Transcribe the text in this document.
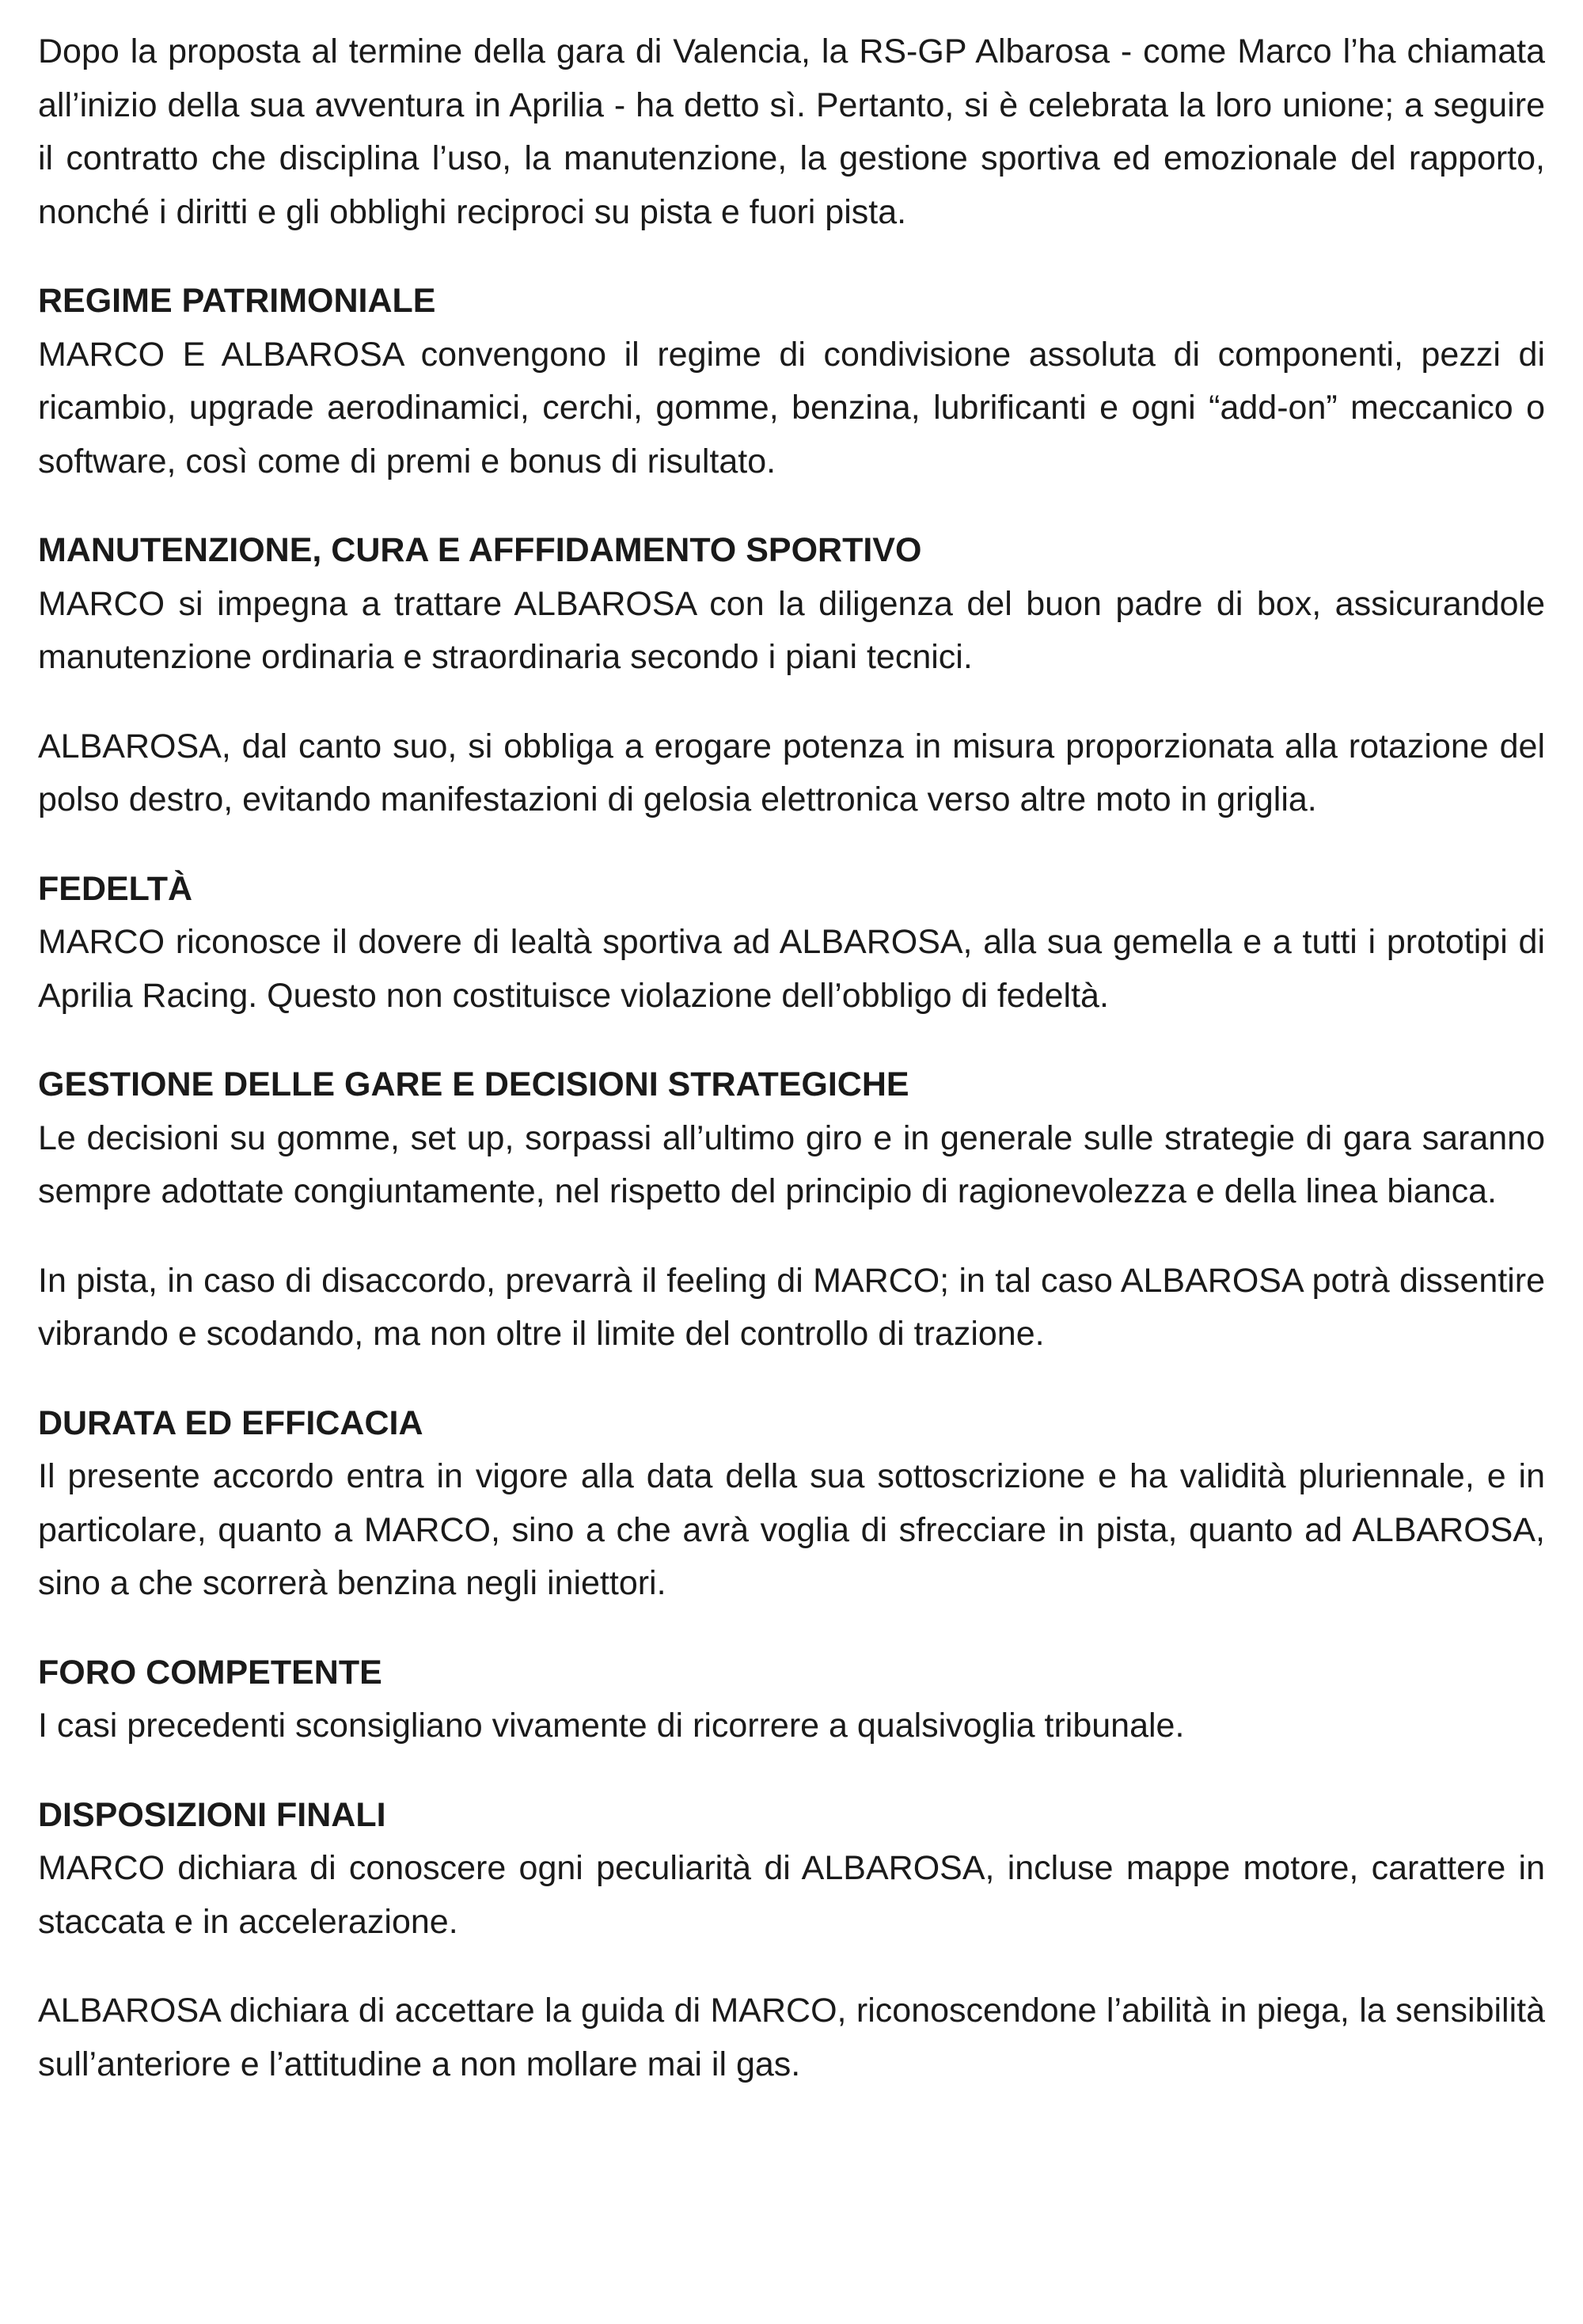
Dopo la proposta al termine della gara di Valencia, la RS-GP Albarosa - come Marco l’ha chiamata all’inizio della sua avventura in Aprilia - ha detto sì. Pertanto, si è celebrata la loro unione; a seguire il contratto che disciplina l’uso, la manutenzione, la gestione sportiva ed emozionale del rapporto, nonché i diritti e gli obblighi reciproci su pista e fuori pista.

REGIME PATRIMONIALE

MARCO E ALBAROSA convengono il regime di condivisione assoluta di componenti, pezzi di ricambio, upgrade aerodinamici, cerchi, gomme, benzina, lubrificanti e ogni “add-on” meccanico o software, così come di premi e bonus di risultato.

MANUTENZIONE, CURA E AFFFIDAMENTO SPORTIVO

MARCO si impegna a trattare ALBAROSA con la diligenza del buon padre di box, assicurandole manutenzione ordinaria e straordinaria secondo i piani tecnici.

ALBAROSA, dal canto suo, si obbliga a erogare potenza in misura proporzionata alla rotazione del polso destro, evitando manifestazioni di gelosia elettronica verso altre moto in griglia.

FEDELTÀ

MARCO riconosce il dovere di lealtà sportiva ad ALBAROSA, alla sua gemella e a tutti i prototipi di Aprilia Racing. Questo non costituisce violazione dell’obbligo di fedeltà.

GESTIONE DELLE GARE E DECISIONI STRATEGICHE

Le decisioni su gomme, set up, sorpassi all’ultimo giro e in generale sulle strategie di gara saranno sempre adottate congiuntamente, nel rispetto del principio di ragionevolezza e della linea bianca.

In pista, in caso di disaccordo, prevarrà il feeling di MARCO; in tal caso ALBAROSA potrà dissentire vibrando e scodando, ma non oltre il limite del controllo di trazione.

DURATA ED EFFICACIA

Il presente accordo entra in vigore alla data della sua sottoscrizione e ha validità pluriennale, e in particolare, quanto a MARCO, sino a che avrà voglia di sfrecciare in pista, quanto ad ALBAROSA, sino a che scorrerà benzina negli iniettori.

FORO COMPETENTE

I casi precedenti sconsigliano vivamente di ricorrere a qualsivoglia tribunale.

DISPOSIZIONI FINALI

MARCO dichiara di conoscere ogni peculiarità di ALBAROSA, incluse mappe motore, carattere in staccata e in accelerazione.

ALBAROSA dichiara di accettare la guida di MARCO, riconoscendone l’abilità in piega, la sensibilità sull’anteriore e l’attitudine a non mollare mai il gas.
